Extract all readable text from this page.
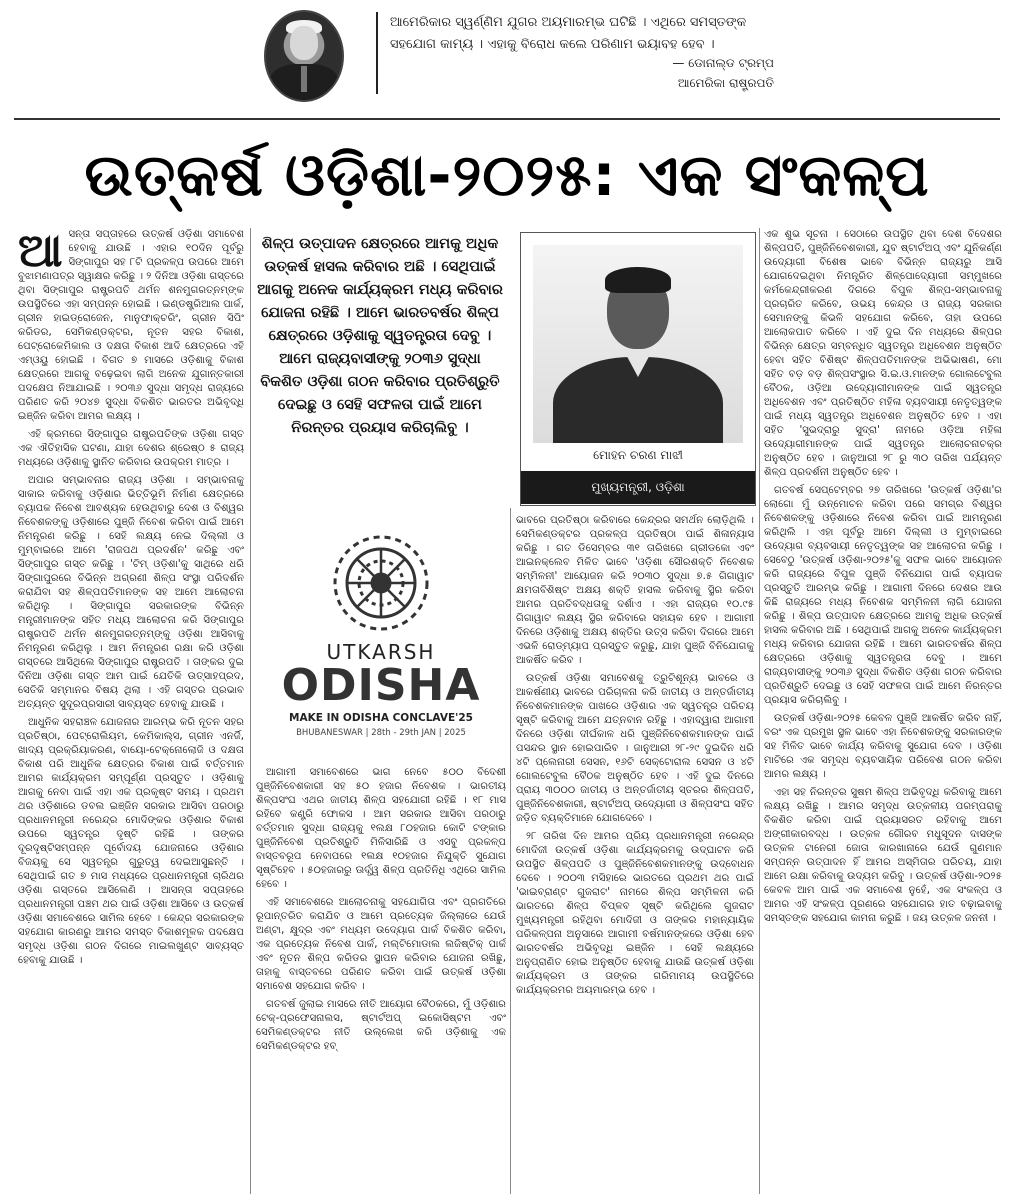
ଆମେରିକାର ସ୍ୱର୍ଣ୍ଣିମ ଯୁଗର ଅୟମାରମ୍ଭ ଘଟିଛି । ଏଥିରେ ସମସ୍ତଙ୍କ ସହଯୋଗ କାମ୍ୟ । ଏହାକୁ ବିରୋଧ କଲେ ପରିଣାମ ଭୟାବହ ହେବ ।
— ଡୋନାଲ୍ଡ ଟ୍ରମ୍ପ
ଆମେରିକା ରାଷ୍ଟ୍ରପତି
ଉତ୍କର୍ଷ ଓଡ଼ିଶା-୨୦୨୫: ଏକ ସଂକଳ୍ପ

ଆସନ୍ତା ସପ୍ତାହରେ ଉତ୍କର୍ଷ ଓଡ଼ିଶା ସମାବେଶ ହେବାକୁ ଯାଉଛି । ଏହାର ୧୦ଦିନ ପୂର୍ବରୁ ସିଙ୍ଗାପୁର ସହ ୮ଟି ପ୍ରକଳ୍ପ ଉପରେ ଆମେ ବୁଝାମଣାପତ୍ର ସ୍ୱାକ୍ଷର କରିଛୁ । ୨ ଦିନିଆ ଓଡ଼ିଶା ଗସ୍ତରେ ଥିବା ସିଙ୍ଗାପୁର ରାଷ୍ଟ୍ରପତି ଥର୍ମନ ଶନମୁଗରତ୍ନମ୍‌ଙ୍କ ଉପସ୍ଥିତିରେ ଏହା ସମ୍ପନ୍ନ ହୋଇଛି । ଇଣ୍ଡଷ୍ଟ୍ରିଆଲ ପାର୍କ, ଗ୍ରୀନ ହାଇଡ୍ରୋଜେନ, ମାନୁଫାକ୍ଚରିଂ, ଗ୍ରୀନ ସିପିଂ କରିଡର, ସେମିକଣ୍ଡକ୍ଟର, ନୂତନ ସହର ବିକାଶ, ପେଟ୍ରୋକେମିକାଲ ଓ ଦକ୍ଷତା ବିକାଶ ଆଦି କ୍ଷେତ୍ରରେ ଏହି ଏମ୍‌ଓୟୁ ହୋଇଛି । ବିଗତ ୭ ମାସରେ ଓଡ଼ିଶାକୁ ବିକାଶ କ୍ଷେତ୍ରରେ ଆଗକୁ ବଢ଼େଇବା ଲାଗି ଅନେକ ଯୁଗାନ୍ତକାରୀ ପଦକ୍ଷେପ ନିଆଯାଇଛି । ୨୦୩୬ ସୁଦ୍ଧା ସମୃଦ୍ଧ ରାଜ୍ୟରେ ପରିଣତ କରି ୨୦୪୭ ସୁଦ୍ଧା ବିକଶିତ ଭାରତର ଅଭିବୃଦ୍ଧି ଇଞ୍ଜିନ କରିବା ଆମର ଲକ୍ଷ୍ୟ ।

ଏହି କ୍ରମରେ ସିଙ୍ଗାପୁର ରାଷ୍ଟ୍ରପତିଙ୍କ ଓଡ଼ିଶା ଗସ୍ତ ଏକ ଐତିହାସିକ ଘଟଣା, ଯାହା ଦେଶର ଶ୍ରେଷ୍ଠ ୫ ରାଜ୍ୟ ମଧ୍ୟରେ ଓଡ଼ିଶାକୁ ସ୍ଥାନିତ କରିବାର ଉପକ୍ରମ ମାତ୍ର ।

ଅପାର ସମ୍ଭାବନାର ରାଜ୍ୟ ଓଡ଼ିଶା । ସମ୍ଭାବନାକୁ ସାକାର କରିବାକୁ ଓଡ଼ିଶାର ଭିତ୍ତିଭୂମି ନିର୍ମାଣ କ୍ଷେତ୍ରରେ ବ୍ୟାପକ ନିବେଶ ଆବଶ୍ୟକ ହେଉଥିବାରୁ ଦେଶ ଓ ବିଶ୍ୱର ନିବେଶକଙ୍କୁ ଓଡ଼ିଶାରେ ପୁଞ୍ଜି ନିବେଶ କରିବା ପାଇଁ ଆମେ ନିମନ୍ତ୍ରଣ କରିଛୁ । ସେହି ଲକ୍ଷ୍ୟ ନେଇ ଦିଲ୍ଲୀ ଓ ମୁମ୍ବାଇରେ ଆମେ 'ରାଜପଥ ପ୍ରଦର୍ଶନ' କରିଛୁ ଏବଂ ସିଙ୍ଗାପୁର ଗସ୍ତ କରିଛୁ । 'ଟିମ୍ ଓଡ଼ିଶା'କୁ ସାଥିରେ ଧରି ସିଙ୍ଗାପୁରରେ ବିଭିନ୍ନ ଅଗ୍ରଣୀ ଶିଳ୍ପ ସଂସ୍ଥା ପରିଦର୍ଶନ କରାଯିବା ସହ ଶିଳ୍ପପତିମାନଙ୍କ ସହ ଆମେ ଆଲୋଚନା କରିଥିଲୁ । ସିଙ୍ଗାପୁର ସରକାରଙ୍କ ବିଭିନ୍ନ ମନ୍ତ୍ରୀମାନଙ୍କ ସହିତ ମଧ୍ୟ ଆଲୋଚନା କରି ସିଙ୍ଗାପୁର ରାଷ୍ଟ୍ରପତି ଥର୍ମନ ଶନମୁଗରତ୍ନମ୍‌ଙ୍କୁ ଓଡ଼ିଶା ଆସିବାକୁ ନିମନ୍ତ୍ରଣ କରିଥିଲୁ । ଆମ ନିମନ୍ତ୍ରଣ ରକ୍ଷା କରି ଓଡ଼ିଶା ଗସ୍ତରେ ଆସିଥିଲେ ସିଙ୍ଗାପୁର ରାଷ୍ଟ୍ରପତି । ତାଙ୍କର ଦୁଇ ଦିନିଆ ଓଡ଼ିଶା ଗସ୍ତ ଆମ ପାଇଁ ଯେତିକି ଉତ୍ସାହପ୍ରଦ, ସେତିକି ସମ୍ମାନର ବିଷୟ ଥିଲା । ଏହି ଗସ୍ତର ପ୍ରଭାବ ଅତ୍ୟନ୍ତ ସୁଦୂରପ୍ରସାରୀ ସାବ୍ୟସ୍ତ ହେବାକୁ ଯାଉଛି ।

ଆଧୁନିକ ସହରାଞ୍ଚଳ ଯୋଜନାର ଆରମ୍ଭ କରି ନୂତନ ସହର ପ୍ରତିଷ୍ଠା, ପେଟ୍ରୋଲିୟମ, କେମିକାଲ୍ସ, ଗ୍ରୀନ ଏନର୍ଜି, ଖାଦ୍ୟ ପ୍ରକ୍ରିୟାକରଣ, ବାୟୋ-ଟେକ୍ନୋଲୋଜି ଓ ଦକ୍ଷତା ବିକାଶ ପରି ଆଧୁନିକ କ୍ଷେତ୍ରର ବିକାଶ ପାଇଁ ବର୍ତ୍ତମାନ ଆମର କାର୍ଯ୍ୟକ୍ରମ ସମ୍ପୂର୍ଣ୍ଣ ପ୍ରସ୍ତୁତ । ଓଡ଼ିଶାକୁ ଆଗକୁ ନେବା ପାଇଁ ଏହା ଏକ ପ୍ରକୃଷ୍ଟ ସମୟ । ପ୍ରଥମ ଥର ଓଡ଼ିଶାରେ ଡବଲ ଇଞ୍ଜିନ ସରକାର ଆସିବା ପରଠାରୁ ପ୍ରଧାନମନ୍ତ୍ରୀ ନରେନ୍ଦ୍ର ମୋଦିଙ୍କର ଓଡ଼ିଶାର ବିକାଶ ଉପରେ ସ୍ୱତନ୍ତ୍ର ଦୃଷ୍ଟି ରହିଛି । ତାଙ୍କର ଦୂରଦୃଷ୍ଟିସମ୍ପନ୍ନ ପୂର୍ବୋଦୟ ଯୋଜନାରେ ଓଡ଼ିଶାର ବିଜୟକୁ ସେ ସ୍ୱତନ୍ତ୍ର ଗୁରୁତ୍ୱ ଦେଇଆସୁଛନ୍ତି । ସେଥିପାଇଁ ଗତ ୭ ମାସ ମଧ୍ୟରେ ପ୍ରଧାନମନ୍ତ୍ରୀ ଚାରିଥର ଓଡ଼ିଶା ଗସ୍ତରେ ଆସିଲେଣି । ଆସନ୍ତା ସପ୍ତାହରେ ପ୍ରଧାନମନ୍ତ୍ରୀ ପଞ୍ଚମ ଥର ପାଇଁ ଓଡ଼ିଶା ଆସିବେ ଓ ଉତ୍କର୍ଷ ଓଡ଼ିଶା ସମାବେଶରେ ସାମିଲ ହେବେ । କେନ୍ଦ୍ର ସରକାରଙ୍କ ସହଯୋଗ କାରଣରୁ ଆମର ସମସ୍ତ ବିକାଶମୂଳକ ପଦକ୍ଷେପ ସମୃଦ୍ଧ ଓଡ଼ିଶା ଗଠନ ଦିଗରେ ମାଇଲଖୁଣ୍ଟ ସାବ୍ୟସ୍ତ ହେବାକୁ ଯାଉଛି ।

ଶିଳ୍ପ ଉତ୍ପାଦନ କ୍ଷେତ୍ରରେ ଆମକୁ ଅଧିକ ଉତ୍କର୍ଷ ହାସଲ କରିବାର ଅଛି । ସେଥିପାଇଁ ଆଗକୁ ଅନେକ କାର୍ଯ୍ୟକ୍ରମ ମଧ୍ୟ କରିବାର ଯୋଜନା ରହିଛି । ଆମେ ଭାରତବର୍ଷର ଶିଳ୍ପ କ୍ଷେତ୍ରରେ ଓଡ଼ିଶାକୁ ସ୍ୱତନ୍ତ୍ରତା ଦେବୁ । ଆମେ ରାଜ୍ୟବାସୀଙ୍କୁ ୨୦୩୬ ସୁଦ୍ଧା ବିକଶିତ ଓଡ଼ିଶା ଗଠନ କରିବାର ପ୍ରତିଶ୍ରୁତି ଦେଇଛୁ ଓ ସେହି ସଫଳତା ପାଇଁ ଆମେ ନିରନ୍ତର ପ୍ରୟାସ କରିଚାଲିବୁ ।
ମୋହନ ଚରଣ ମାଝୀ
ମୁଖ୍ୟମନ୍ତ୍ରୀ, ଓଡ଼ିଶା
UTKARSH
ODISHA
MAKE IN ODISHA CONCLAVE'25
BHUBANESWAR | 28th - 29th JAN | 2025

ଆଗାମୀ ସମାବେଶରେ ଭାଗ ନେବେ ୫୦୦ ବିଦେଶୀ ପୁଞ୍ଜିନିବେଶକାରୀ ସହ ୫୦ ହଜାର ନିବେଶକ । ଭାରତୀୟ ଶିଳ୍ପସଂଘ ଏଥର ଜାତୀୟ ଶିଳ୍ପ ସହଯୋଗୀ ରହିଛି । ୧୮ ମାସ ରହିବେ କଣ୍ଟ୍ରି ଫୋକସ । ଆମ ସରକାର ଆସିବା ପରଠାରୁ ବର୍ତ୍ତମାନ ସୁଦ୍ଧା ରାଜ୍ୟକୁ ୧ଲକ୍ଷ ୮୦ହଜାର କୋଟି ଟଙ୍କାର ପୁଞ୍ଜିନିବେଶ ପ୍ରତିଶ୍ରୁତି ମିଳିସାରିଛି ଓ ଏସବୁ ପ୍ରକଳ୍ପ ବାସ୍ତବରୂପ ନେବାପରେ ୧ଲକ୍ଷ ୧୦ହଜାର ନିଯୁକ୍ତି ସୁଯୋଗ ସୃଷ୍ଟିହେବ । ୫୦ହଜାରରୁ ଊର୍ଦ୍ଧ୍ୱ ଶିଳ୍ପ ପ୍ରତିନିଧି ଏଥିରେ ସାମିଲ ହେବେ ।

ଏହି ସମାବେଶରେ ଆଲୋଚନାକୁ ସହଯୋଗିତା ଏବଂ ପ୍ରଗତିରେ ରୂପାନ୍ତରିତ କରାଯିବ ଓ ଆମେ ପ୍ରତ୍ୟେକ ଜିଲ୍ଲାରେ ଯେଉଁ ଅଣ୍ଟା, କ୍ଷୁଦ୍ର ଏବଂ ମଧ୍ୟମ ଉଦ୍ୟୋଗ ପାର୍କ ବିକଶିତ କରିବା, ଏକ ପ୍ରତ୍ୟେକ ନିବେଶ ପାର୍କ, ମଲ୍ଟିମୋଡାଲ ଲଜିଷ୍ଟିକ୍ ପାର୍କ ଏବଂ ନୂତନ ଶିଳ୍ପ କରିଡର ସ୍ଥାପନ କରିବାର ଯୋଜନା ରଖିଛୁ, ତାହାକୁ ବାସ୍ତବରେ ପରିଣତ କରିବା ପାଇଁ ଉତ୍କର୍ଷ ଓଡ଼ିଶା ସମାବେଶ ସହଯୋଗ କରିବ ।

ଗତବର୍ଷ ଜୁଲାଇ ମାସରେ ନୀତି ଆୟୋଗ ବୈଠକରେ, ମୁଁ ଓଡ଼ିଶାର ଟେକ୍-ପ୍ରଫେସନାଲସ, ଷ୍ଟାର୍ଟଅପ୍ ଇକୋସିଷ୍ଟମ ଏବଂ ସେମିକଣ୍ଡକ୍ଟର ନୀତି ଉଲ୍ଲେଖ କରି ଓଡ଼ିଶାକୁ ଏକ ସେମିକଣ୍ଡକ୍ଟର ହବ୍

ଭାବରେ ପ୍ରତିଷ୍ଠା କରିବାରେ କେନ୍ଦ୍ରର ସମର୍ଥନ ଲୋଡ଼ିଥିଲି । ସେମିକଣ୍ଡକ୍ଟର ପ୍ରକଳ୍ପ ପ୍ରତିଷ୍ଠା ପାଇଁ ଶିଳାନ୍ୟାସ କରିଛୁ । ଗତ ଡିସେମ୍ବର ୩୧ ତାରିଖରେ ଗ୍ରୀଡକୋ ଏବଂ ଆଇନକ୍ଲେବ ମିଳିତ ଭାବେ 'ଓଡ଼ିଶା ସୌରଶକ୍ତି ନିବେଶକ ସମ୍ମିଳନୀ' ଆୟୋଜନ କରି ୨୦୩୦ ସୁଦ୍ଧା ୭.୫ ଗିଗାୱାଟ କ୍ଷମତାବିଶିଷ୍ଟ ଅକ୍ଷୟ ଶକ୍ତି ହାସଲ କରିବାକୁ ସ୍ଥିର କରିବା ଆମର ପ୍ରତିବଦ୍ଧତାକୁ ଦର୍ଶାଏ । ଏହା ରାଜ୍ୟର ୧୦.୯୫ ଗିଗାୱାଟ ଲକ୍ଷ୍ୟ ସ୍ଥିର କରିବାରେ ସହାୟକ ହେବ । ଆଗାମୀ ଦିନରେ ଓଡ଼ିଶାକୁ ଅକ୍ଷୟ ଶକ୍ତିର ଉତ୍ସ କରିବା ଦିଗରେ ଆମେ ଏଭଳି ରୋଡ୍‌ମ୍ୟାପ ପ୍ରସ୍ତୁତ କରୁଛୁ, ଯାହା ପୁଞ୍ଜି ବିନିଯୋଗକୁ ଆକର୍ଷିତ କରିବ ।

ଉତ୍କର୍ଷ ଓଡ଼ିଶା ସମାବେଶକୁ ତ୍ରୁଟିଶୂନ୍ୟ ଭାବରେ ଓ ଆକର୍ଷଣୀୟ ଭାବରେ ପରିଚାଳନା କରି ଜାତୀୟ ଓ ଅନ୍ତର୍ଜାତୀୟ ନିବେଶକମାନଙ୍କ ପାଖରେ ଓଡ଼ିଶାର ଏକ ସ୍ୱତନ୍ତ୍ର ପରିଚୟ ସୃଷ୍ଟି କରିବାକୁ ଆମେ ଯତ୍ନବାନ ରହିଛୁ । ଏହାଦ୍ୱାରା ଆଗାମୀ ଦିନରେ ଓଡ଼ିଶା ଦୀର୍ଘକାଳ ଧରି ପୁଞ୍ଜିନିବେଶକମାନଙ୍କ ପାଇଁ ପସନ୍ଦର ସ୍ଥାନ ହୋଇପାରିବ । ଜାନୁଆରୀ ୨୮-୨୯ ଦୁଇଦିନ ଧରି ୪ଟି ପ୍ଲେନାରୀ ସେସନ, ୧୬ଟି ସେକ୍ଟୋରାଲ ସେସନ ଓ ୪ଟି ଗୋଲଟେବୁଲ ବୈଠକ ଅନୁଷ୍ଠିତ ହେବ । ଏହି ଦୁଇ ଦିନରେ ପ୍ରାୟ ୩୦୦୦ ଜାତୀୟ ଓ ଅନ୍ତର୍ଜାତୀୟ ସ୍ତରର ଶିଳ୍ପପତି, ପୁଞ୍ଜିନିବେଶକାରୀ, ଷ୍ଟାର୍ଟଅପ୍ ଉଦ୍ୟୋଗୀ ଓ ଶିଳ୍ପସଂଘ ସହିତ ଜଡ଼ିତ ବ୍ୟକ୍ତିମାନେ ଯୋଗଦେବେ ।

୨୮ ତାରିଖ ଦିନ ଆମର ପ୍ରିୟ ପ୍ରଧାନମନ୍ତ୍ରୀ ନରେନ୍ଦ୍ର ମୋଦିଜୀ ଉତ୍କର୍ଷ ଓଡ଼ିଶା କାର୍ଯ୍ୟକ୍ରମକୁ ଉଦ୍‌ଘାଟନ କରି ଉପସ୍ଥିତ ଶିଳ୍ପପତି ଓ ପୁଞ୍ଜିନିବେଶକମାନଙ୍କୁ ଉଦ୍‌ବୋଧନ ଦେବେ । ୨୦୦୩ ମସିହାରେ ଭାରତରେ ପ୍ରଥମ ଥର ପାଇଁ 'ଭାଇବ୍ରାଣ୍ଟ ଗୁଜରାଟ' ନାମରେ ଶିଳ୍ପ ସମ୍ମିଳନୀ କରି ଭାରତରେ ଶିଳ୍ପ ବିପ୍ଳବ ସୃଷ୍ଟି କରିଥିଲେ ଗୁଜରାଟ ମୁଖ୍ୟମନ୍ତ୍ରୀ ରହିଥିବା ମୋଦିଜୀ ଓ ତାଙ୍କର ମହାନ୍ୟାୟିକ ପରିକଳ୍ପନା ଅନୁସାରେ ଆଗାମୀ ବର୍ଷମାନଙ୍କରେ ଓଡ଼ିଶା ହେବ ଭାରତବର୍ଷର ଅଭିବୃଦ୍ଧି ଇଞ୍ଜିନ । ସେହି ଲକ୍ଷ୍ୟରେ ଅନୁପ୍ରାଣିତ ହୋଇ ଅନୁଷ୍ଠିତ ହେବାକୁ ଯାଉଛି ଉତ୍କର୍ଷ ଓଡ଼ିଶା କାର୍ଯ୍ୟକ୍ରମ ଓ ତାଙ୍କର ଗରିମାମୟ ଉପସ୍ଥିତିରେ କାର୍ଯ୍ୟକ୍ରମର ଅୟମାରମ୍ଭ ହେବ ।

ଏକ ଶୁଭ ସୂଚନା । ସେଠାରେ ଉପସ୍ଥିତ ଥିବା ଦେଶ ବିଦେଶର ଶିଳ୍ପପତି, ପୁଞ୍ଜିନିବେଶକାରୀ, ଯୁବ ଷ୍ଟାର୍ଟଅପ୍ ଏବଂ ଯୁନିକର୍ଣ୍ଣ ଉଦ୍ୟୋଗୀ ବିଶେଷ ଭାବେ ବିଭିନ୍ନ ରାଜ୍ୟରୁ ଆସି ଯୋଗଦେଇଥିବା ନିମନ୍ତ୍ରିତ ଶିଳ୍ପୋଦ୍ୟୋଗୀ ସମ୍ମୁଖରେ କର୍ମକେନ୍ଦ୍ରୀକରଣ ଦିଗରେ ବିପୁଳ ଶିଳ୍ପ-ସମ୍ଭାବନାକୁ ପ୍ରଚାରିତ କରିବେ, ଉଭୟ କେନ୍ଦ୍ର ଓ ରାଜ୍ୟ ସରକାର ସେମାନଙ୍କୁ କିଭଳି ସହଯୋଗ କରିବେ, ତାହା ଉପରେ ଆଲୋକପାତ କରିବେ । ଏହି ଦୁଇ ଦିନ ମଧ୍ୟରେ ଶିଳ୍ପର ବିଭିନ୍ନ କ୍ଷେତ୍ର ସମ୍ବନ୍ଧିତ ସ୍ୱତନ୍ତ୍ର ଅଧିବେଶନ ଅନୁଷ୍ଠିତ ହେବା ସହିତ ବିଶିଷ୍ଟ ଶିଳ୍ପପତିମାନଙ୍କ ଅଭିଭାଷଣ, ମୋ ସହିତ ବଡ଼ ବଡ଼ ଶିଳ୍ପସଂସ୍ଥାର ସି.ଇ.ଓ.ମାନଙ୍କ ଗୋଲଟେବୁଲ ବୈଠକ, ଓଡ଼ିଆ ଉଦ୍ୟୋଗୀମାନଙ୍କ ପାଇଁ ସ୍ୱତନ୍ତ୍ର ଅଧିବେଶନ ଏବଂ ପ୍ରତିଷ୍ଠିତ ମହିଳା ବ୍ୟବସାୟୀ ନେତୃତ୍ୱଙ୍କ ପାଇଁ ମଧ୍ୟ ସ୍ୱତନ୍ତ୍ର ଅଧିବେଶନ ଅନୁଷ୍ଠିତ ହେବ । ଏହା ସହିତ 'ସୁଭଦ୍ରାରୁ ସୁଦ୍ରା' ନାମରେ ଓଡ଼ିଆ ମହିଳା ଉଦ୍ୟୋଗୀମାନଙ୍କ ପାଇଁ ସ୍ୱତନ୍ତ୍ର ଆଲୋଚନାଚକ୍ର ଅନୁଷ୍ଠିତ ହେବ । ଜାନୁଆରୀ ୨୮ ରୁ ୩୦ ତାରିଖ ପର୍ଯ୍ୟନ୍ତ ଶିଳ୍ପ ପ୍ରଦର୍ଶନୀ ଅନୁଷ୍ଠିତ ହେବ ।

ଗତବର୍ଷ ସେପ୍ଟେମ୍ବର ୨୭ ତାରିଖରେ 'ଉତ୍କର୍ଷ ଓଡ଼ିଶା'ର ଲୋଗୋ ମୁଁ ଉନ୍ମୋଚନ କରିବା ପରେ ସମଗ୍ର ବିଶ୍ୱର ନିବେଶକଙ୍କୁ ଓଡ଼ିଶାରେ ନିବେଶ କରିବା ପାଇଁ ଆମନ୍ତ୍ରଣ କରିଥିଲି । ଏହା ପୂର୍ବରୁ ଆମେ ଦିଲ୍ଲୀ ଓ ମୁମ୍ବାଇରେ ଉଦ୍ୟୋଗ ବ୍ୟବସାୟୀ ନେତୃତ୍ୱଙ୍କ ସହ ଆଲୋଚନା କରିଛୁ । ସେବେଠୁ 'ଉତ୍କର୍ଷ ଓଡ଼ିଶା-୨୦୨୫'କୁ ସଫଳ ଭାବେ ଆୟୋଜନ କରି ରାଜ୍ୟରେ ବିପୁଳ ପୁଞ୍ଜି ବିନିଯୋଗ ପାଇଁ ବ୍ୟାପକ ପ୍ରସ୍ତୁତି ଆରମ୍ଭ କରିଛୁ । ଆଗାମୀ ଦିନରେ ଦେଶର ଆଉ କିଛି ରାଜ୍ୟରେ ମଧ୍ୟ ନିବେଶକ ସମ୍ମିଳନୀ ଲାଗି ଯୋଜନା କରିଛୁ । ଶିଳ୍ପ ଉତ୍ପାଦନ କ୍ଷେତ୍ରରେ ଆମକୁ ଅଧିକ ଉତ୍କର୍ଷ ହାସଲ କରିବାର ଅଛି । ସେଥିପାଇଁ ଆଗକୁ ଅନେକ କାର୍ଯ୍ୟକ୍ରମ ମଧ୍ୟ କରିବାର ଯୋଜନା ରହିଛି । ଆମେ ଭାରତବର୍ଷର ଶିଳ୍ପ କ୍ଷେତ୍ରରେ ଓଡ଼ିଶାକୁ ସ୍ୱତନ୍ତ୍ରତା ଦେବୁ । ଆମେ ରାଜ୍ୟବାସୀଙ୍କୁ ୨୦୩୬ ସୁଦ୍ଧା ବିକଶିତ ଓଡ଼ିଶା ଗଠନ କରିବାର ପ୍ରତିଶ୍ରୁତି ଦେଇଛୁ ଓ ସେହି ସଫଳତା ପାଇଁ ଆମେ ନିରନ୍ତର ପ୍ରୟାସ କରିଚାଲିବୁ ।

ଉତ୍କର୍ଷ ଓଡ଼ିଶା-୨୦୨୫ କେବଳ ପୁଞ୍ଜି ଆକର୍ଷିତ କରିବ ନାହିଁ, ବରଂ ଏକ ପ୍ରମୁଖ ସ୍ଥଳ ଭାବେ ଏହା ନିବେଶକଙ୍କୁ ସରକାରଙ୍କ ସହ ମିଳିତ ଭାବେ କାର୍ଯ୍ୟ କରିବାକୁ ସୁଯୋଗ ଦେବ । ଓଡ଼ିଶା ମାଟିରେ ଏକ ସମୃଦ୍ଧ ବ୍ୟବସାୟିକ ପରିବେଶ ଗଠନ କରିବା ଆମର ଲକ୍ଷ୍ୟ ।

ଏହା ସହ ନିରନ୍ତର ସୁଷମ ଶିଳ୍ପ ଅଭିବୃଦ୍ଧି କରିବାକୁ ଆମେ ଲକ୍ଷ୍ୟ ରଖିଛୁ । ଆମର ସମୃଦ୍ଧ ଉତ୍କଳୀୟ ପରମ୍ପରାକୁ ବିକଶିତ କରିବା ପାଇଁ ପ୍ରୟାସରତ ରହିବାକୁ ଆମେ ଅଙ୍ଗୀକାରବଦ୍ଧ । ଉତ୍କଳ ଗୌରବ ମଧୁସୂଦନ ଦାସଙ୍କ ଉତ୍କଳ ଟାନେରୀ ଜୋତା କାରଖାନାରେ ଯେଉଁ ଗୁଣମାନ ସମ୍ପନ୍ନ ଉତ୍ପାଦନ ହିଁ ଆମର ଅସ୍ମିତାର ପରିଚୟ, ଯାହା ଆମେ ରକ୍ଷା କରିବାକୁ ଉଦ୍ୟମ କରିବୁ । ଉତ୍କର୍ଷ ଓଡ଼ିଶା-୨୦୨୫ କେବଳ ଆମ ପାଇଁ ଏକ ସମାବେଶ ନୁହେଁ, ଏକ ସଂକଳ୍ପ ଓ ଆମର ଏହି ସଂକଳ୍ପ ପୂରଣରେ ସହଯୋଗର ହାତ ବଢ଼ାଇବାକୁ ସମସ୍ତଙ୍କ ସହଯୋଗ କାମନା କରୁଛି । ଜୟ ଉତ୍କଳ ଜନନୀ ।
